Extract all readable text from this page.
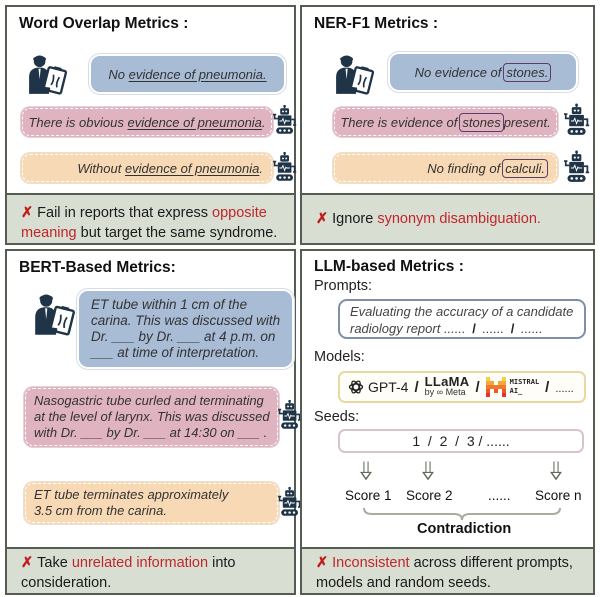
Word Overlap Metrics :
No
evidence of pneumonia.
There is obvious
evidence of pneumonia .
Without
evidence of pneumonia .
✗ Fail in reports that express opposite meaning but target the same syndrome.
NER-F1 Metrics :
No evidence of stones.
There is evidence of stones present.
No finding of calculi.
✗ Ignore synonym disambiguation.
BERT-Based Metrics:
ET tube within 1 cm of the carina. This was discussed with Dr. ___ by Dr. ___ at 4 p.m. on ___ at time of interpretation.
Nasogastric tube curled and terminating at the level of larynx. This was discussed with Dr. ___ by Dr. ___ at 14:30 on ___ .
ET tube terminates approximately 3.5 cm from the carina.
✗ Take unrelated information into consideration.
LLM-based Metrics :
Prompts:
Evaluating the accuracy of a candidate radiology report ...... / ...... / ......
Models:
GPT-4 / LLaMA
by ∞ Meta /	MISTRAL
AI_	/ ......
Seeds:
1  /  2  /  3 / ......
Score 1 Score 2	...... Score n
Contradiction
✗ Inconsistent across different prompts, models and random seeds.
